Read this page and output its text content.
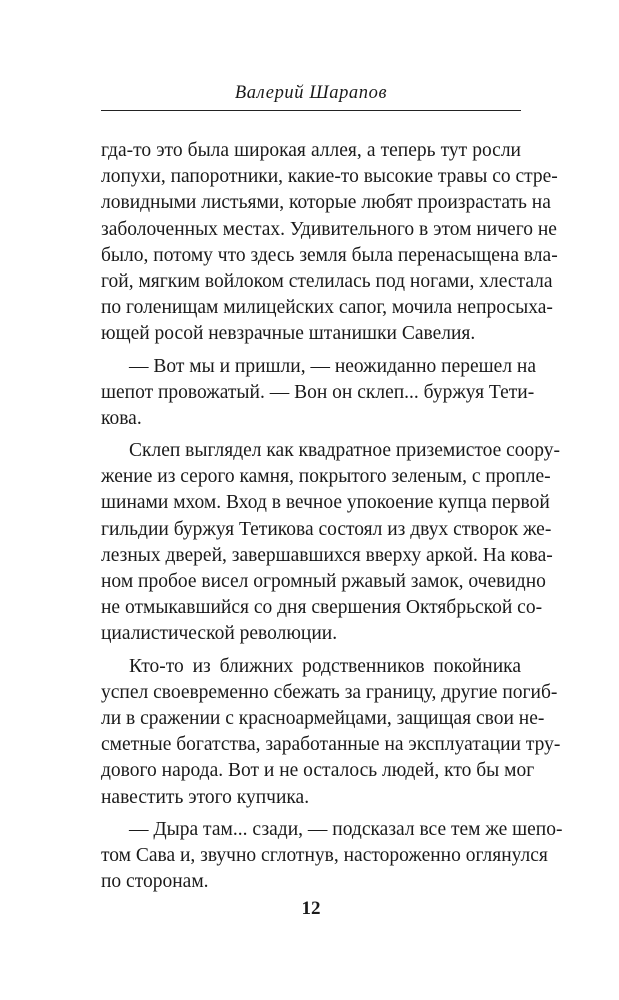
Валерий Шарапов
гда-то это была широкая аллея, а теперь тут росли
лопухи, папоротники, какие-то высокие травы со стре-
ловидными листьями, которые любят произрастать на
заболоченных местах. Удивительного в этом ничего не
было, потому что здесь земля была перенасыщена вла-
гой, мягким войлоком стелилась под ногами, хлестала
по голенищам милицейских сапог, мочила непросыха-
ющей росой невзрачные штанишки Савелия.
— Вот мы и пришли, — неожиданно перешел на
шепот провожатый. — Вон он склеп... буржуя Тети-
кова.
Склеп выглядел как квадратное приземистое соору-
жение из серого камня, покрытого зеленым, с пропле-
шинами мхом. Вход в вечное упокоение купца первой
гильдии буржуя Тетикова состоял из двух створок же-
лезных дверей, завершавшихся вверху аркой. На кова-
ном пробое висел огромный ржавый замок, очевидно
не отмыкавшийся со дня свершения Октябрьской со-
циалистической революции.
Кто-то из ближних родственников покойника
успел своевременно сбежать за границу, другие погиб-
ли в сражении с красноармейцами, защищая свои не-
сметные богатства, заработанные на эксплуатации тру-
дового народа. Вот и не осталось людей, кто бы мог
навестить этого купчика.
— Дыра там... сзади, — подсказал все тем же шепо-
том Сава и, звучно сглотнув, настороженно оглянулся
по сторонам.
12
